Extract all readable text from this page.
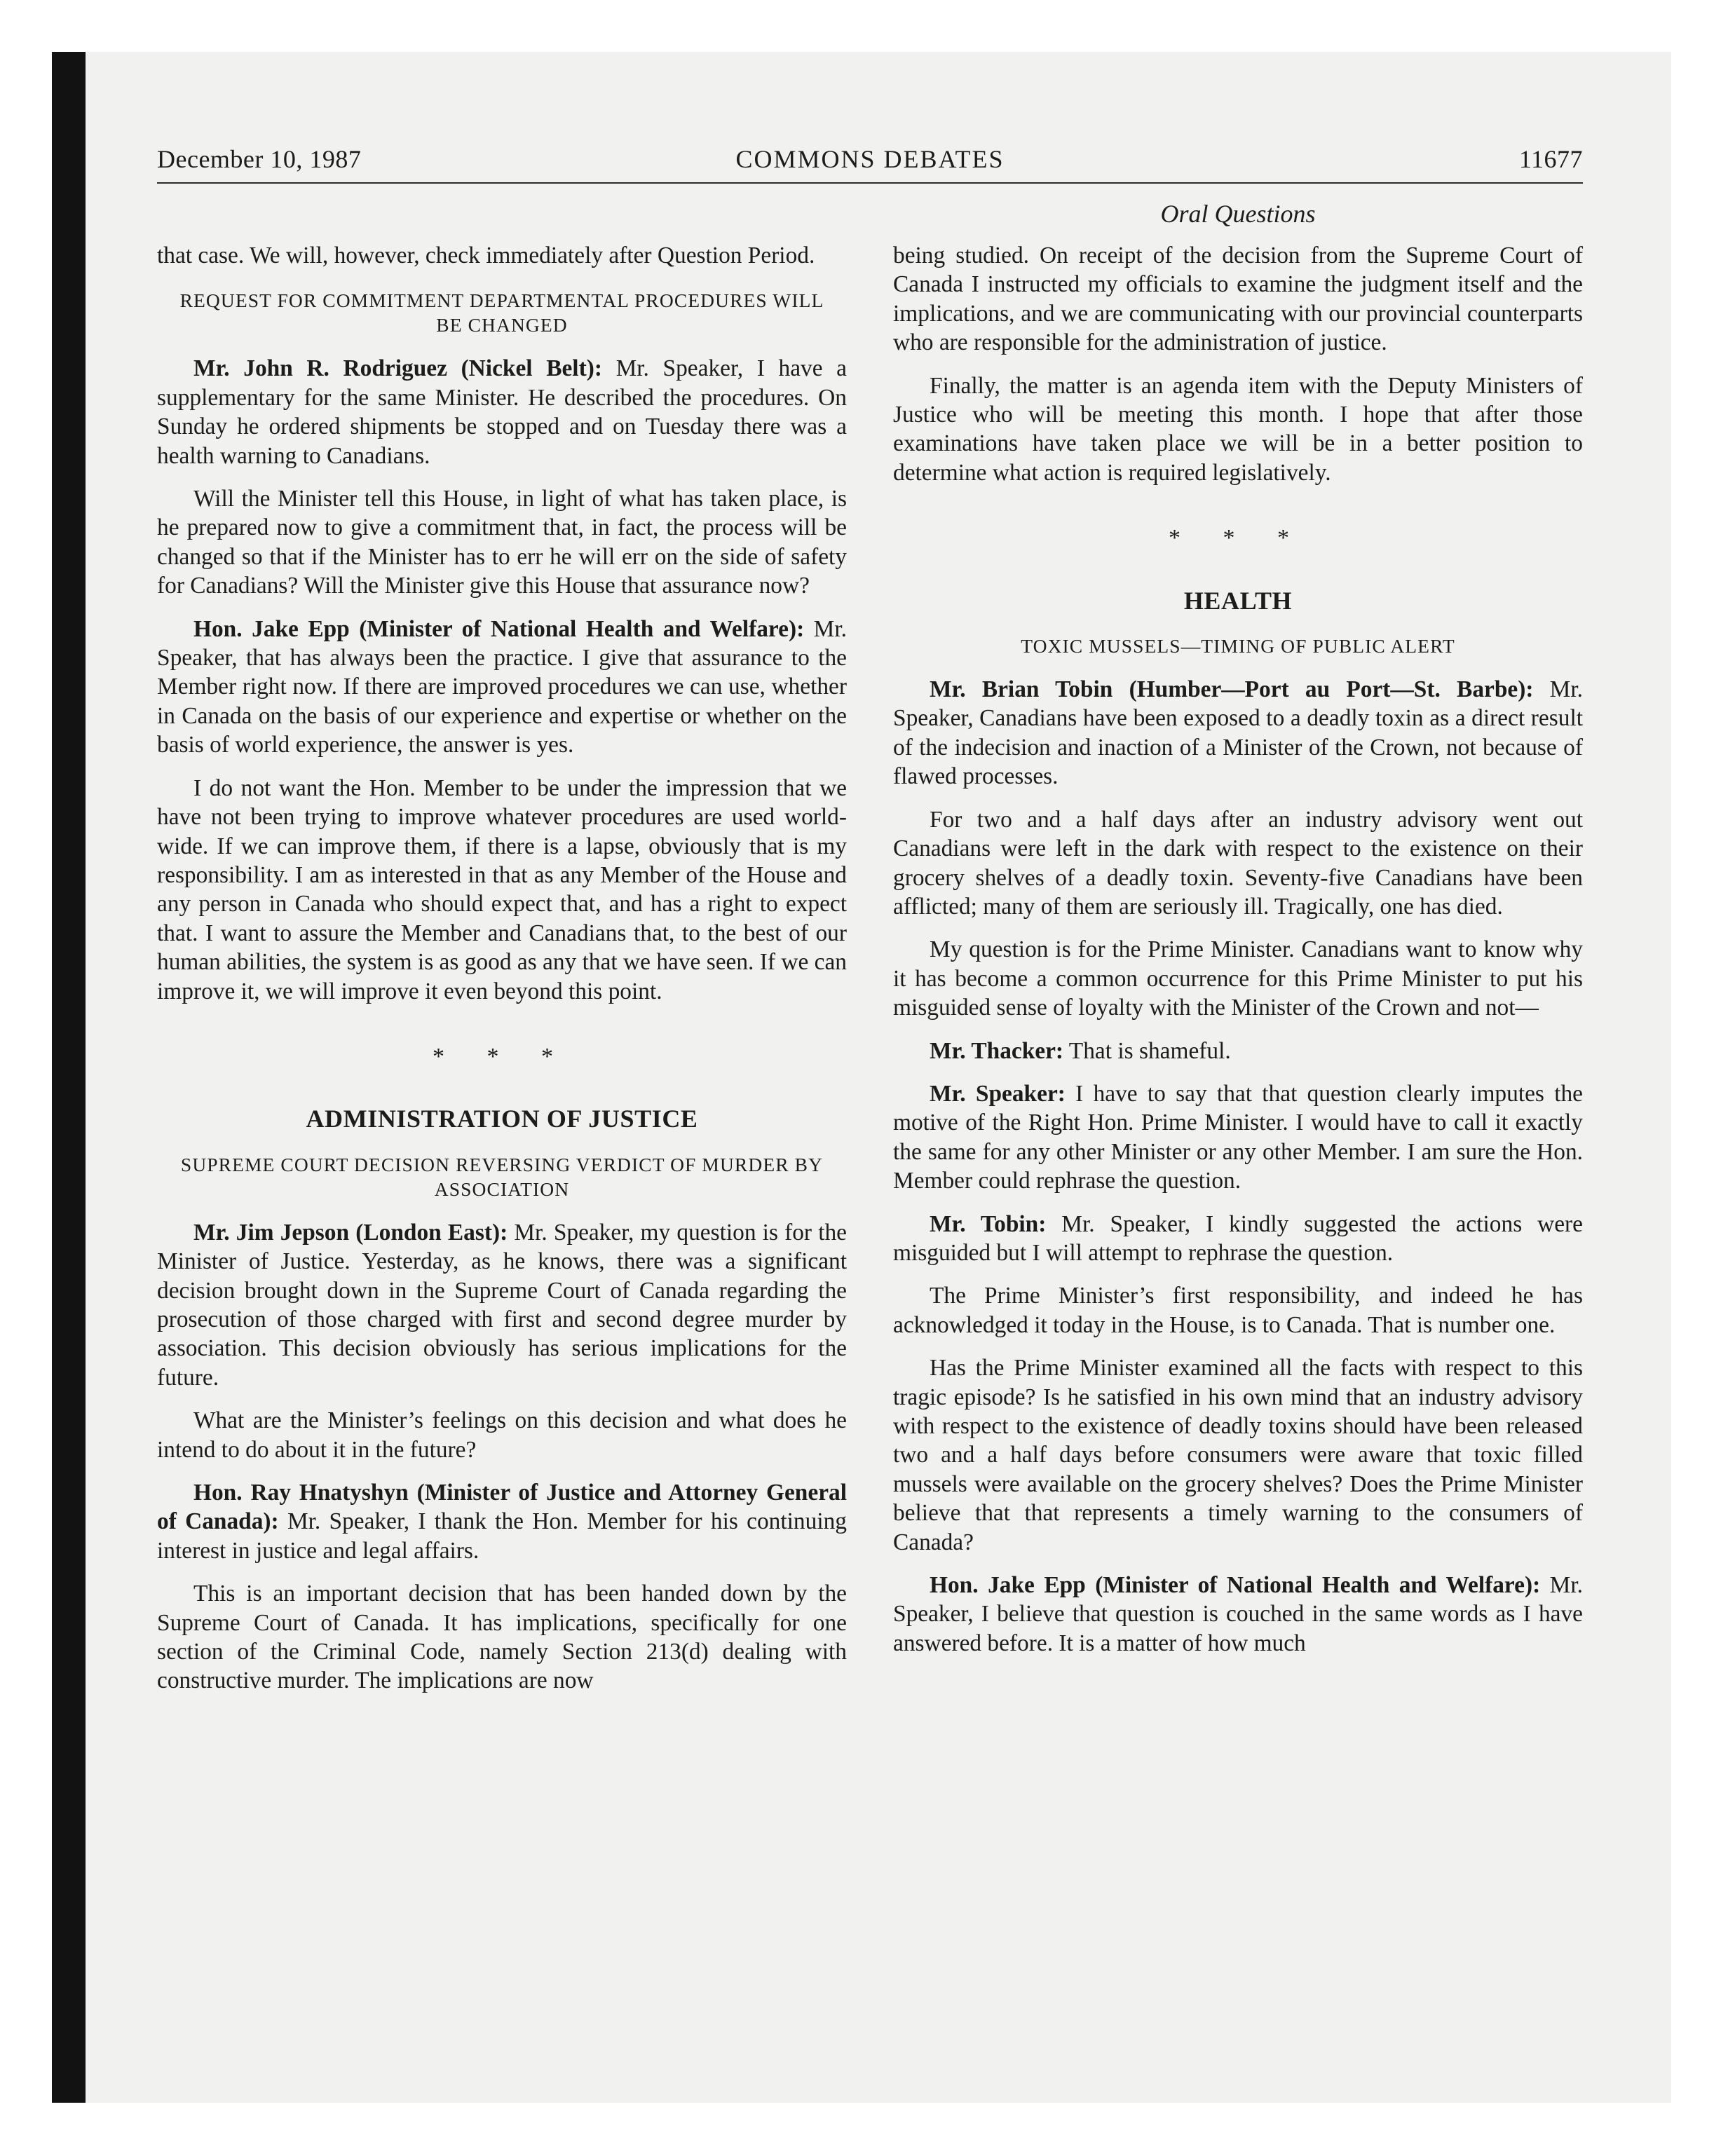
December 10, 1987	COMMONS DEBATES	11677
Oral Questions

that case. We will, however, check immediately after Question Period.

REQUEST FOR COMMITMENT DEPARTMENTAL PROCEDURES WILL BE CHANGED

Mr. John R. Rodriguez (Nickel Belt): Mr. Speaker, I have a supplementary for the same Minister. He described the procedures. On Sunday he ordered shipments be stopped and on Tuesday there was a health warning to Canadians.

Will the Minister tell this House, in light of what has taken place, is he prepared now to give a commitment that, in fact, the process will be changed so that if the Minister has to err he will err on the side of safety for Canadians? Will the Minister give this House that assurance now?

Hon. Jake Epp (Minister of National Health and Welfare): Mr. Speaker, that has always been the practice. I give that assurance to the Member right now. If there are improved procedures we can use, whether in Canada on the basis of our experience and expertise or whether on the basis of world experience, the answer is yes.

I do not want the Hon. Member to be under the impression that we have not been trying to improve whatever procedures are used world-wide. If we can improve them, if there is a lapse, obviously that is my responsibility. I am as interested in that as any Member of the House and any person in Canada who should expect that, and has a right to expect that. I want to assure the Member and Canadians that, to the best of our human abilities, the system is as good as any that we have seen. If we can improve it, we will improve it even beyond this point.

* * *
ADMINISTRATION OF JUSTICE
SUPREME COURT DECISION REVERSING VERDICT OF MURDER BY ASSOCIATION

Mr. Jim Jepson (London East): Mr. Speaker, my question is for the Minister of Justice. Yesterday, as he knows, there was a significant decision brought down in the Supreme Court of Canada regarding the prosecution of those charged with first and second degree murder by association. This decision obviously has serious implications for the future.

What are the Minister’s feelings on this decision and what does he intend to do about it in the future?

Hon. Ray Hnatyshyn (Minister of Justice and Attorney General of Canada): Mr. Speaker, I thank the Hon. Member for his continuing interest in justice and legal affairs.

This is an important decision that has been handed down by the Supreme Court of Canada. It has implications, specifically for one section of the Criminal Code, namely Section 213(d) dealing with constructive murder. The implications are now

being studied. On receipt of the decision from the Supreme Court of Canada I instructed my officials to examine the judgment itself and the implications, and we are communicating with our provincial counterparts who are responsible for the administration of justice.

Finally, the matter is an agenda item with the Deputy Ministers of Justice who will be meeting this month. I hope that after those examinations have taken place we will be in a better position to determine what action is required legislatively.

* * *
HEALTH
TOXIC MUSSELS—TIMING OF PUBLIC ALERT

Mr. Brian Tobin (Humber—Port au Port—St. Barbe): Mr. Speaker, Canadians have been exposed to a deadly toxin as a direct result of the indecision and inaction of a Minister of the Crown, not because of flawed processes.

For two and a half days after an industry advisory went out Canadians were left in the dark with respect to the existence on their grocery shelves of a deadly toxin. Seventy-five Canadians have been afflicted; many of them are seriously ill. Tragically, one has died.

My question is for the Prime Minister. Canadians want to know why it has become a common occurrence for this Prime Minister to put his misguided sense of loyalty with the Minister of the Crown and not—

Mr. Thacker: That is shameful.

Mr. Speaker: I have to say that that question clearly imputes the motive of the Right Hon. Prime Minister. I would have to call it exactly the same for any other Minister or any other Member. I am sure the Hon. Member could rephrase the question.

Mr. Tobin: Mr. Speaker, I kindly suggested the actions were misguided but I will attempt to rephrase the question.

The Prime Minister’s first responsibility, and indeed he has acknowledged it today in the House, is to Canada. That is number one.

Has the Prime Minister examined all the facts with respect to this tragic episode? Is he satisfied in his own mind that an industry advisory with respect to the existence of deadly toxins should have been released two and a half days before consumers were aware that toxic filled mussels were available on the grocery shelves? Does the Prime Minister believe that that represents a timely warning to the consumers of Canada?

Hon. Jake Epp (Minister of National Health and Welfare): Mr. Speaker, I believe that question is couched in the same words as I have answered before. It is a matter of how much
